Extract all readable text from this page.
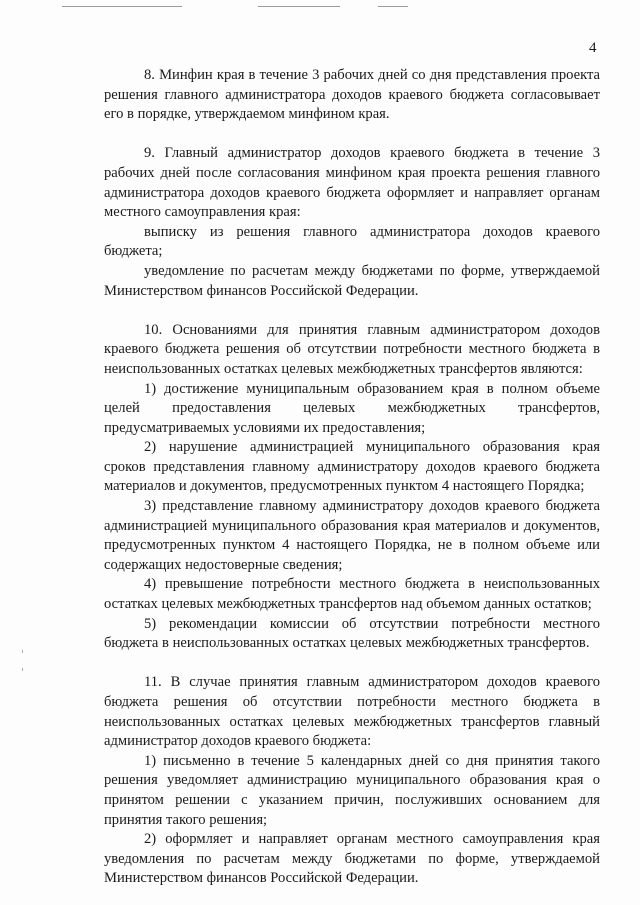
4

8. Минфин края в течение 3 рабочих дней со дня представления проекта решения главного администратора доходов краевого бюджета согласовывает его в порядке, утверждаемом минфином края.

9. Главный администратор доходов краевого бюджета в течение 3 рабочих дней после согласования минфином края проекта решения главного администратора доходов краевого бюджета оформляет и направляет органам местного самоуправления края:

выписку из решения главного администратора доходов краевого бюджета;

уведомление по расчетам между бюджетами по форме, утверждаемой Министерством финансов Российской Федерации.

10. Основаниями для принятия главным администратором доходов краевого бюджета решения об отсутствии потребности местного бюджета в неиспользованных остатках целевых межбюджетных трансфертов являются:

1) достижение муниципальным образованием края в полном объеме целей предоставления целевых межбюджетных трансфертов, предусматриваемых условиями их предоставления;

2) нарушение администрацией муниципального образования края сроков представления главному администратору доходов краевого бюджета материалов и документов, предусмотренных пунктом 4 настоящего Порядка;

3) представление главному администратору доходов краевого бюджета администрацией муниципального образования края материалов и документов, предусмотренных пунктом 4 настоящего Порядка, не в полном объеме или содержащих недостоверные сведения;

4) превышение потребности местного бюджета в неиспользованных остатках целевых межбюджетных трансфертов над объемом данных остатков;

5) рекомендации комиссии об отсутствии потребности местного бюджета в неиспользованных остатках целевых межбюджетных трансфертов.

11. В случае принятия главным администратором доходов краевого бюджета решения об отсутствии потребности местного бюджета в неиспользованных остатках целевых межбюджетных трансфертов главный администратор доходов краевого бюджета:

1) письменно в течение 5 календарных дней со дня принятия такого решения уведомляет администрацию муниципального образования края о принятом решении с указанием причин, послуживших основанием для принятия такого решения;

2) оформляет и направляет органам местного самоуправления края уведомления по расчетам между бюджетами по форме, утверждаемой Министерством финансов Российской Федерации.
